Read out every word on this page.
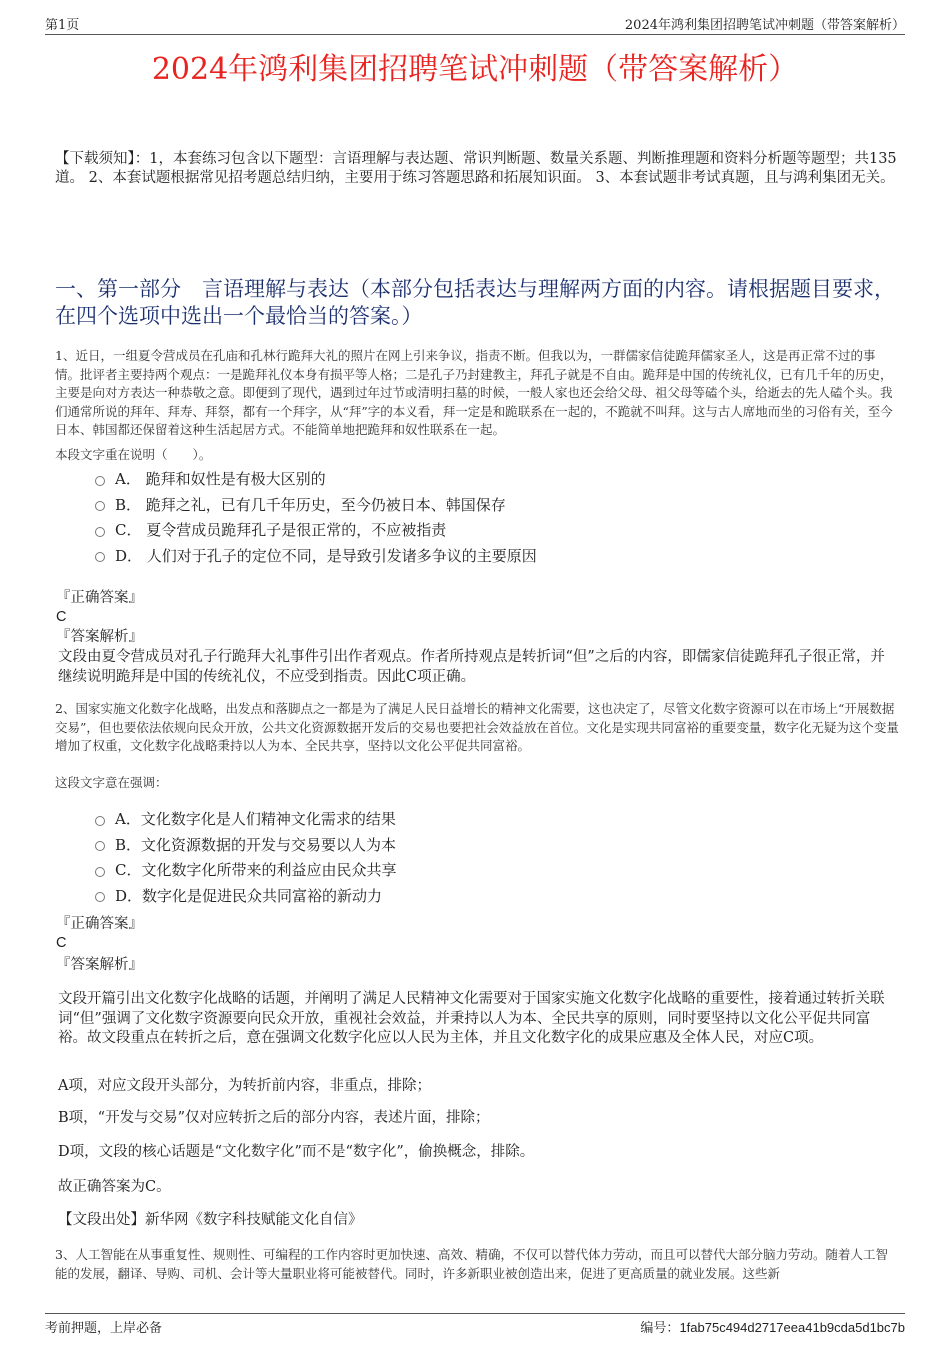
第1页	2024年鸿利集团招聘笔试冲刺题（带答案解析）
2024年鸿利集团招聘笔试冲刺题（带答案解析）
【下载须知】：1，本套练习包含以下题型：言语理解与表达题、常识判断题、数量关系题、判断推理题和资料分析题等题型；共135道。 2、本套试题根据常见招考题总结归纳，主要用于练习答题思路和拓展知识面。 3、本套试题非考试真题，且与鸿利集团无关。
一、第一部分　言语理解与表达（本部分包括表达与理解两方面的内容。请根据题目要求，在四个选项中选出一个最恰当的答案。）
1、近日，一组夏令营成员在孔庙和孔林行跪拜大礼的照片在网上引来争议，指责不断。但我以为，一群儒家信徒跪拜儒家圣人，这是再正常不过的事情。批评者主要持两个观点：一是跪拜礼仪本身有损平等人格；二是孔子乃封建教主，拜孔子就是不自由。跪拜是中国的传统礼仪，已有几千年的历史，主要是向对方表达一种恭敬之意。即便到了现代，遇到过年过节或清明扫墓的时候，一般人家也还会给父母、祖父母等磕个头，给逝去的先人磕个头。我们通常所说的拜年、拜寿、拜祭，都有一个拜字，从“拜”字的本义看，拜一定是和跪联系在一起的，不跪就不叫拜。这与古人席地而坐的习俗有关，至今日本、韩国都还保留着这种生活起居方式。不能简单地把跪拜和奴性联系在一起。
本段文字重在说明（　　）。
A． 跪拜和奴性是有极大区别的
B． 跪拜之礼，已有几千年历史，至今仍被日本、韩国保存
C． 夏令营成员跪拜孔子是很正常的，不应被指责
D． 人们对于孔子的定位不同，是导致引发诸多争议的主要原因
『正确答案』
C
『答案解析』
文段由夏令营成员对孔子行跪拜大礼事件引出作者观点。作者所持观点是转折词“但”之后的内容，即儒家信徒跪拜孔子很正常，并继续说明跪拜是中国的传统礼仪，不应受到指责。因此C项正确。
2、国家实施文化数字化战略，出发点和落脚点之一都是为了满足人民日益增长的精神文化需要，这也决定了，尽管文化数字资源可以在市场上“开展数据交易”，但也要依法依规向民众开放，公共文化资源数据开发后的交易也要把社会效益放在首位。文化是实现共同富裕的重要变量，数字化无疑为这个变量增加了权重，文化数字化战略秉持以人为本、全民共享，坚持以文化公平促共同富裕。
这段文字意在强调：
A．文化数字化是人们精神文化需求的结果
B．文化资源数据的开发与交易要以人为本
C．文化数字化所带来的利益应由民众共享
D．数字化是促进民众共同富裕的新动力
『正确答案』
C
『答案解析』
文段开篇引出文化数字化战略的话题，并阐明了满足人民精神文化需要对于国家实施文化数字化战略的重要性，接着通过转折关联词“但”强调了文化数字资源要向民众开放，重视社会效益，并秉持以人为本、全民共享的原则，同时要坚持以文化公平促共同富裕。故文段重点在转折之后，意在强调文化数字化应以人民为主体，并且文化数字化的成果应惠及全体人民，对应C项。
A项，对应文段开头部分，为转折前内容，非重点，排除；
B项，“开发与交易”仅对应转折之后的部分内容，表述片面，排除；
D项，文段的核心话题是“文化数字化”而不是“数字化”，偷换概念，排除。
故正确答案为C。
【文段出处】新华网《数字科技赋能文化自信》
3、人工智能在从事重复性、规则性、可编程的工作内容时更加快速、高效、精确，不仅可以替代体力劳动，而且可以替代大部分脑力劳动。随着人工智能的发展，翻译、导购、司机、会计等大量职业将可能被替代。同时，许多新职业被创造出来，促进了更高质量的就业发展。这些新
考前押题，上岸必备	编号：1fab75c494d2717eea41b9cda5d1bc7b
